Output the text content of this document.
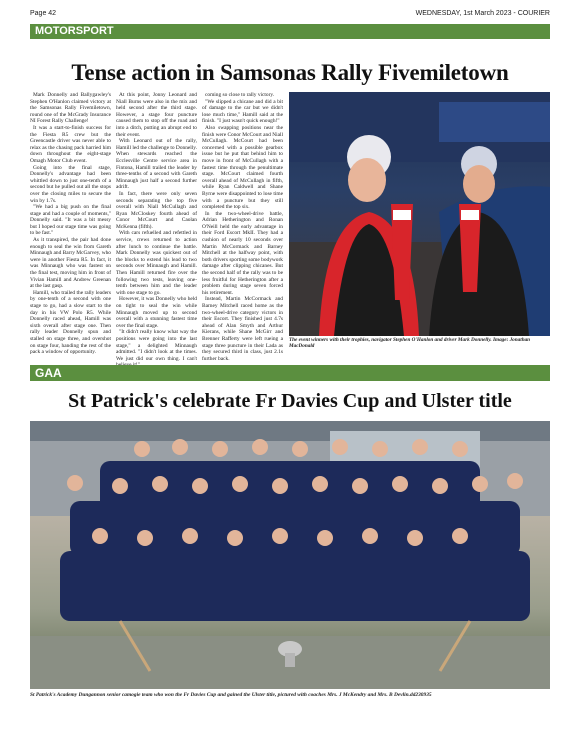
Page 42	WEDNESDAY, 1st March 2023 - COURIER
MOTORSPORT
Tense action in Samsonas Rally Fivemiletown

Mark Donnelly and Ballygawley's Stephen O'Hanlon claimed victory at the Samsonas Rally Fivemiletown, round one of the McGrady Insurance NI Forest Rally Challenge!

It was a start-to-finish success for the Fiesta R5 crew but the Greencastle driver was never able to relax as the chasing pack harried him down throughout the eight-stage Omagh Motor Club event.

Going into the final stage, Donnelly's advantage had been whittled down to just one-tenth of a second but he pulled out all the stops over the closing miles to secure the win by 1.7s.

"We had a big push on the final stage and had a couple of moments," Donnelly said. "It was a bit messy but I hoped our stage time was going to be fast."

As it transpired, the pair had done enough to seal the win from Gareth Minnaugh and Barry McGarvey, who were in another Fiesta R5. In fact, it was Minnaugh who was fastest on the final test, moving him in front of Vivian Hamill and Andrew Greenan at the last gasp.

Hamill, who trailed the rally leaders by one-tenth of a second with one stage to go, had a slow start to the day in his VW Polo R5. While Donnelly raced ahead, Hamill was sixth overall after stage one. Then rally leader Donnelly spun and stalled on stage three, and overshot on stage four, handing the rest of the pack a window of opportunity.

At this point, Jonny Leonard and Niall Burns were also in the mix and held second after the third stage. However, a stage four puncture caused them to stop off the road and into a ditch, putting an abrupt end to their event.

With Leonard out of the rally, Hamill led the challenge to Donnelly. When stewards reached the Ecclesville Centre service area in Fintona, Hamill trailed the leader by three-tenths of a second with Gareth Minnaugh just half a second further adrift.

In fact, there were only seven seconds separating the top five overall with Niall McCullagh and Ryan McCloskey fourth ahead of Conor McCourt and Caolan McKenna (fifth).

With cars refuelled and refettled in service, crews returned to action after lunch to continue the battle. Mark Donnelly was quickest out of the blocks to extend his lead to two seconds over Minnaugh and Hamill. Then Hamill returned fire over the following two tests, leaving one-tenth between him and the leader with one stage to go.

However, it was Donnelly who held on tight to seal the win while Minnaugh moved up to second overall with a stunning fastest time over the final stage.

"It didn't really know what way the positions were going into the last stage," a delighted Minnaugh admitted. "I didn't look at the times. We just did our own thing. I can't

coming so close to rally victory.

"We slipped a chicane and did a bit of damage to the car but we didn't lose much time," Hamill said at the finish. "I just wasn't quick enough!"

Also swapping positions near the finish were Conor McCourt and Niall McCullagh. McCourt had been concerned with a possible gearbox issue but he put that behind him to move in front of McCullagh with a fastest time through the penultimate stage. McCourt claimed fourth overall ahead of McCullagh in fifth, while Ryan Caldwell and Shane Byrne were disappointed to lose time with a puncture but they still completed the top six.

In the two-wheel-drive battle, Adrian Hetherington and Ronan O'Neill held the early advantage in their Ford Escort MkII. They had a cushion of nearly 10 seconds over Martin McCormack and Barney Mitchell at the halfway point, with both drivers sporting some bodywork damage after clipping chicanes. But the second half of the rally was to be less fruitful for Hetherington after a problem during stage seven forced his retirement.

Instead, Martin McCormack and Barney Mitchell raced home as the two-wheel-drive category victors in their Escort. They finished just 4.7s ahead of Alan Smyth and Arthur Kierans, while Shane McGirr and Brenner Rafferty were left rueing a stage three puncture in their Lada as they secured third in class, just 2.1s further back.

The event winners with their trophies, navigator Stephen O'Hanlon and driver Mark Donnelly. Image: Jonathan MacDonald
GAA
St Patrick's celebrate Fr Davies Cup and Ulster title
St Patrick's Academy Dungannon senior camogie team who won the Fr Davies Cup and gained the Ulster title, pictured with coaches Mrs. J McKendry and Mrs. B Devlin.dd230935
